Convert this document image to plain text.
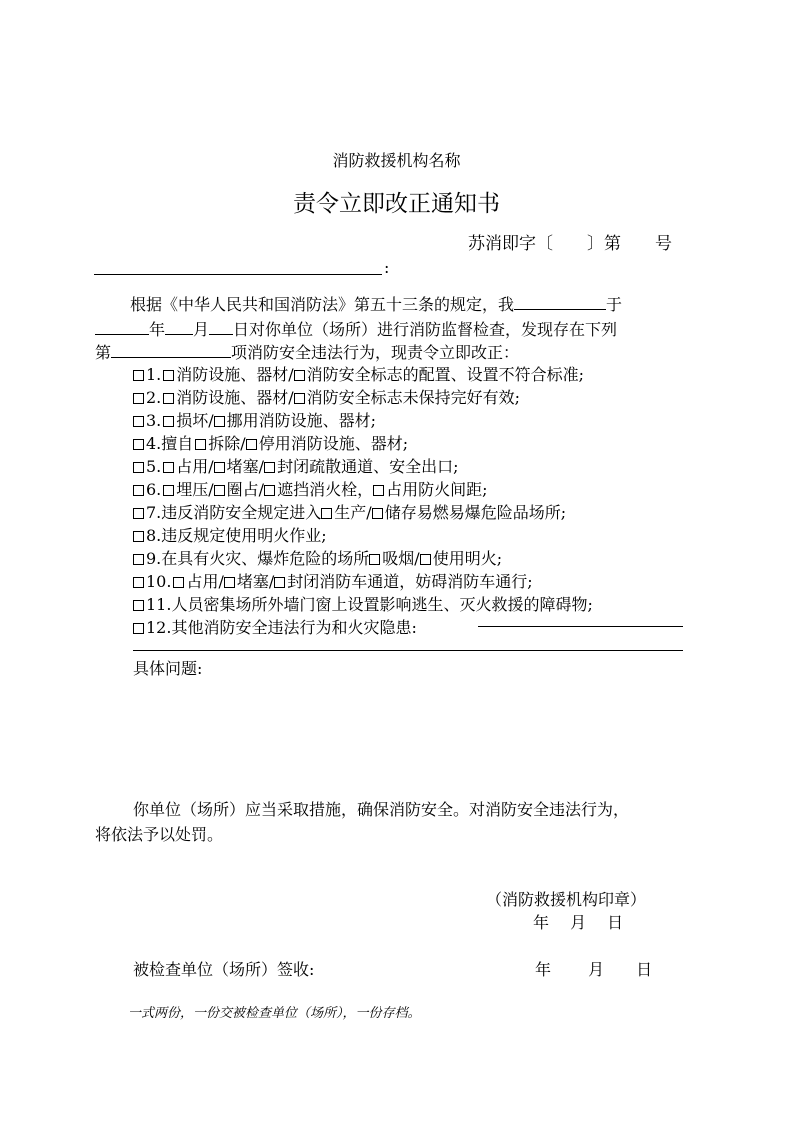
消防救援机构名称
责令立即改正通知书
苏消即字〔　　〕第　　号
:
根据《中华人民共和国消防法》第五十三条的规定，我	于
年 月 日对你单位（场所）进行消防监督检查，发现存在下列
第	项消防安全违法行为，现责令立即改正：
1. 消防设施、器材/ 消防安全标志的配置、设置不符合标准;
2. 消防设施、器材/ 消防安全标志未保持完好有效;
3. 损坏/ 挪用消防设施、器材;
4.擅自 拆除/ 停用消防设施、器材;
5. 占用/ 堵塞/ 封闭疏散通道、安全出口;
6. 埋压/ 圈占/ 遮挡消火栓， 占用防火间距;
7.违反消防安全规定进入 生产/ 储存易燃易爆危险品场所;
8.违反规定使用明火作业;
9.在具有火灾、爆炸危险的场所 吸烟/ 使用明火;
10. 占用/ 堵塞/ 封闭消防车通道，妨碍消防车通行;
11.人员密集场所外墙门窗上设置影响逃生、灭火救援的障碍物;
12.其他消防安全违法行为和火灾隐患:
具体问题:
你单位（场所）应当采取措施，确保消防安全。对消防安全违法行为，
将依法予以处罚。
（消防救援机构印章）
年　 月　 日
被检查单位（场所）签收:	年　　 月　　日
一式两份，一份交被检查单位（场所），一份存档。
